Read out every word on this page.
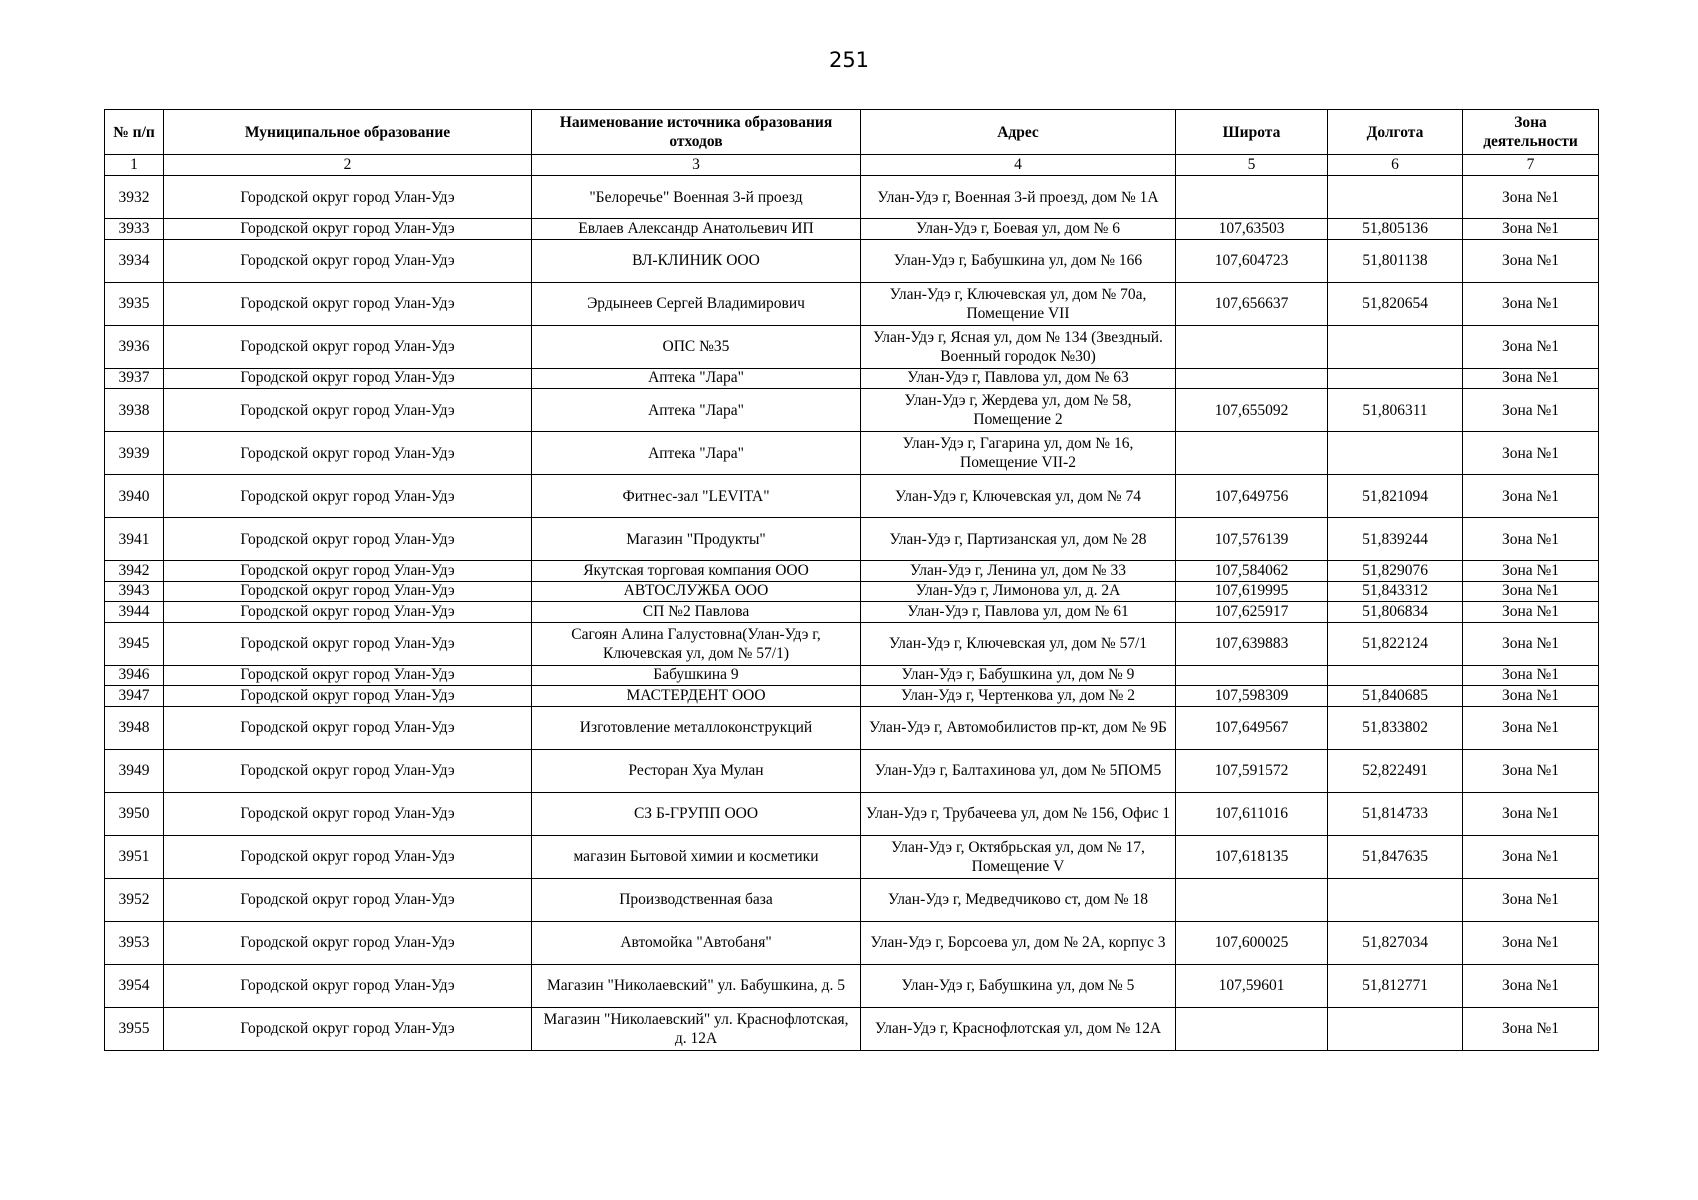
251
№ п/п	Муниципальное образование	Наименование источника образования отходов	Адрес	Широта	Долгота	Зона деятельности
1	2	3	4	5	6	7
3932	Городской округ город Улан-Удэ	"Белоречье" Военная 3-й проезд	Улан-Удэ г, Военная 3-й проезд, дом № 1А			Зона №1
3933	Городской округ город Улан-Удэ	Евлаев Александр Анатольевич ИП	Улан-Удэ г, Боевая ул, дом № 6	107,63503	51,805136	Зона №1
3934	Городской округ город Улан-Удэ	ВЛ-КЛИНИК ООО	Улан-Удэ г, Бабушкина ул, дом № 166	107,604723	51,801138	Зона №1
3935	Городской округ город Улан-Удэ	Эрдынеев Сергей Владимирович	Улан-Удэ г, Ключевская ул, дом № 70а, Помещение VII	107,656637	51,820654	Зона №1
3936	Городской округ город Улан-Удэ	ОПС №35	Улан-Удэ г, Ясная ул, дом № 134 (Звездный. Военный городок №30)			Зона №1
3937	Городской округ город Улан-Удэ	Аптека "Лара"	Улан-Удэ г, Павлова ул, дом № 63			Зона №1
3938	Городской округ город Улан-Удэ	Аптека "Лара"	Улан-Удэ г, Жердева ул, дом № 58, Помещение 2	107,655092	51,806311	Зона №1
3939	Городской округ город Улан-Удэ	Аптека "Лара"	Улан-Удэ г, Гагарина ул, дом № 16, Помещение VII-2			Зона №1
3940	Городской округ город Улан-Удэ	Фитнес-зал "LEVITA"	Улан-Удэ г, Ключевская ул, дом № 74	107,649756	51,821094	Зона №1
3941	Городской округ город Улан-Удэ	Магазин "Продукты"	Улан-Удэ г, Партизанская ул, дом № 28	107,576139	51,839244	Зона №1
3942	Городской округ город Улан-Удэ	Якутская торговая компания ООО	Улан-Удэ г, Ленина ул, дом № 33	107,584062	51,829076	Зона №1
3943	Городской округ город Улан-Удэ	АВТОСЛУЖБА ООО	Улан-Удэ г, Лимонова ул, д. 2А	107,619995	51,843312	Зона №1
3944	Городской округ город Улан-Удэ	СП №2 Павлова	Улан-Удэ г, Павлова ул, дом № 61	107,625917	51,806834	Зона №1
3945	Городской округ город Улан-Удэ	Сагоян Алина Галустовна(Улан-Удэ г, Ключевская ул, дом № 57/1)	Улан-Удэ г, Ключевская ул, дом № 57/1	107,639883	51,822124	Зона №1
3946	Городской округ город Улан-Удэ	Бабушкина 9	Улан-Удэ г, Бабушкина ул, дом № 9			Зона №1
3947	Городской округ город Улан-Удэ	МАСТЕРДЕНТ ООО	Улан-Удэ г, Чертенкова ул, дом № 2	107,598309	51,840685	Зона №1
3948	Городской округ город Улан-Удэ	Изготовление металлоконструкций	Улан-Удэ г, Автомобилистов пр-кт, дом № 9Б	107,649567	51,833802	Зона №1
3949	Городской округ город Улан-Удэ	Ресторан Хуа Мулан	Улан-Удэ г, Балтахинова ул, дом № 5ПОМ5	107,591572	52,822491	Зона №1
3950	Городской округ город Улан-Удэ	СЗ Б-ГРУПП ООО	Улан-Удэ г, Трубачеева ул, дом № 156, Офис 1	107,611016	51,814733	Зона №1
3951	Городской округ город Улан-Удэ	магазин Бытовой химии и косметики	Улан-Удэ г, Октябрьская ул, дом № 17, Помещение V	107,618135	51,847635	Зона №1
3952	Городской округ город Улан-Удэ	Производственная база	Улан-Удэ г, Медведчиково ст, дом № 18			Зона №1
3953	Городской округ город Улан-Удэ	Автомойка "Автобаня"	Улан-Удэ г, Борсоева ул, дом № 2А, корпус 3	107,600025	51,827034	Зона №1
3954	Городской округ город Улан-Удэ	Магазин "Николаевский" ул. Бабушкина, д. 5	Улан-Удэ г, Бабушкина ул, дом № 5	107,59601	51,812771	Зона №1
3955	Городской округ город Улан-Удэ	Магазин "Николаевский" ул. Краснофлотская, д. 12А	Улан-Удэ г, Краснофлотская ул, дом № 12А			Зона №1
